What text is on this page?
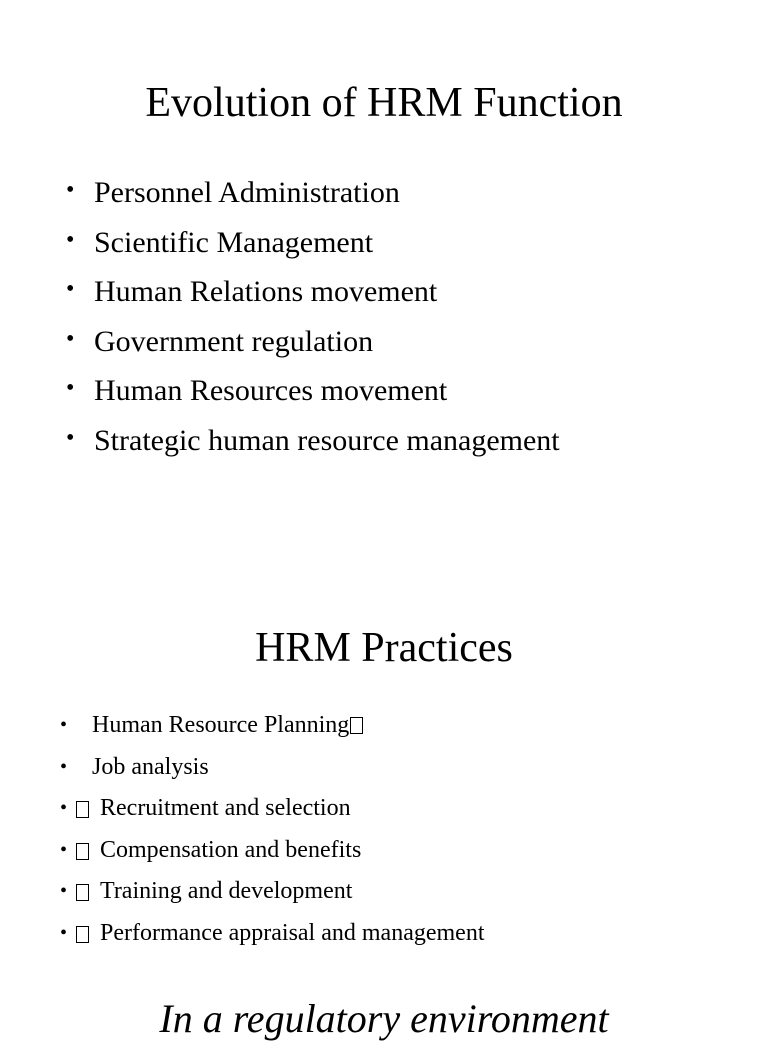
Evolution of HRM Function
• Personnel Administration
• Scientific Management
• Human Relations movement
• Government regulation
• Human Resources movement
• Strategic human resource management
HRM Practices
• Human Resource Planning
• Job analysis
• Recruitment and selection
• Compensation and benefits
• Training and development
• Performance appraisal and management
In a regulatory environment
